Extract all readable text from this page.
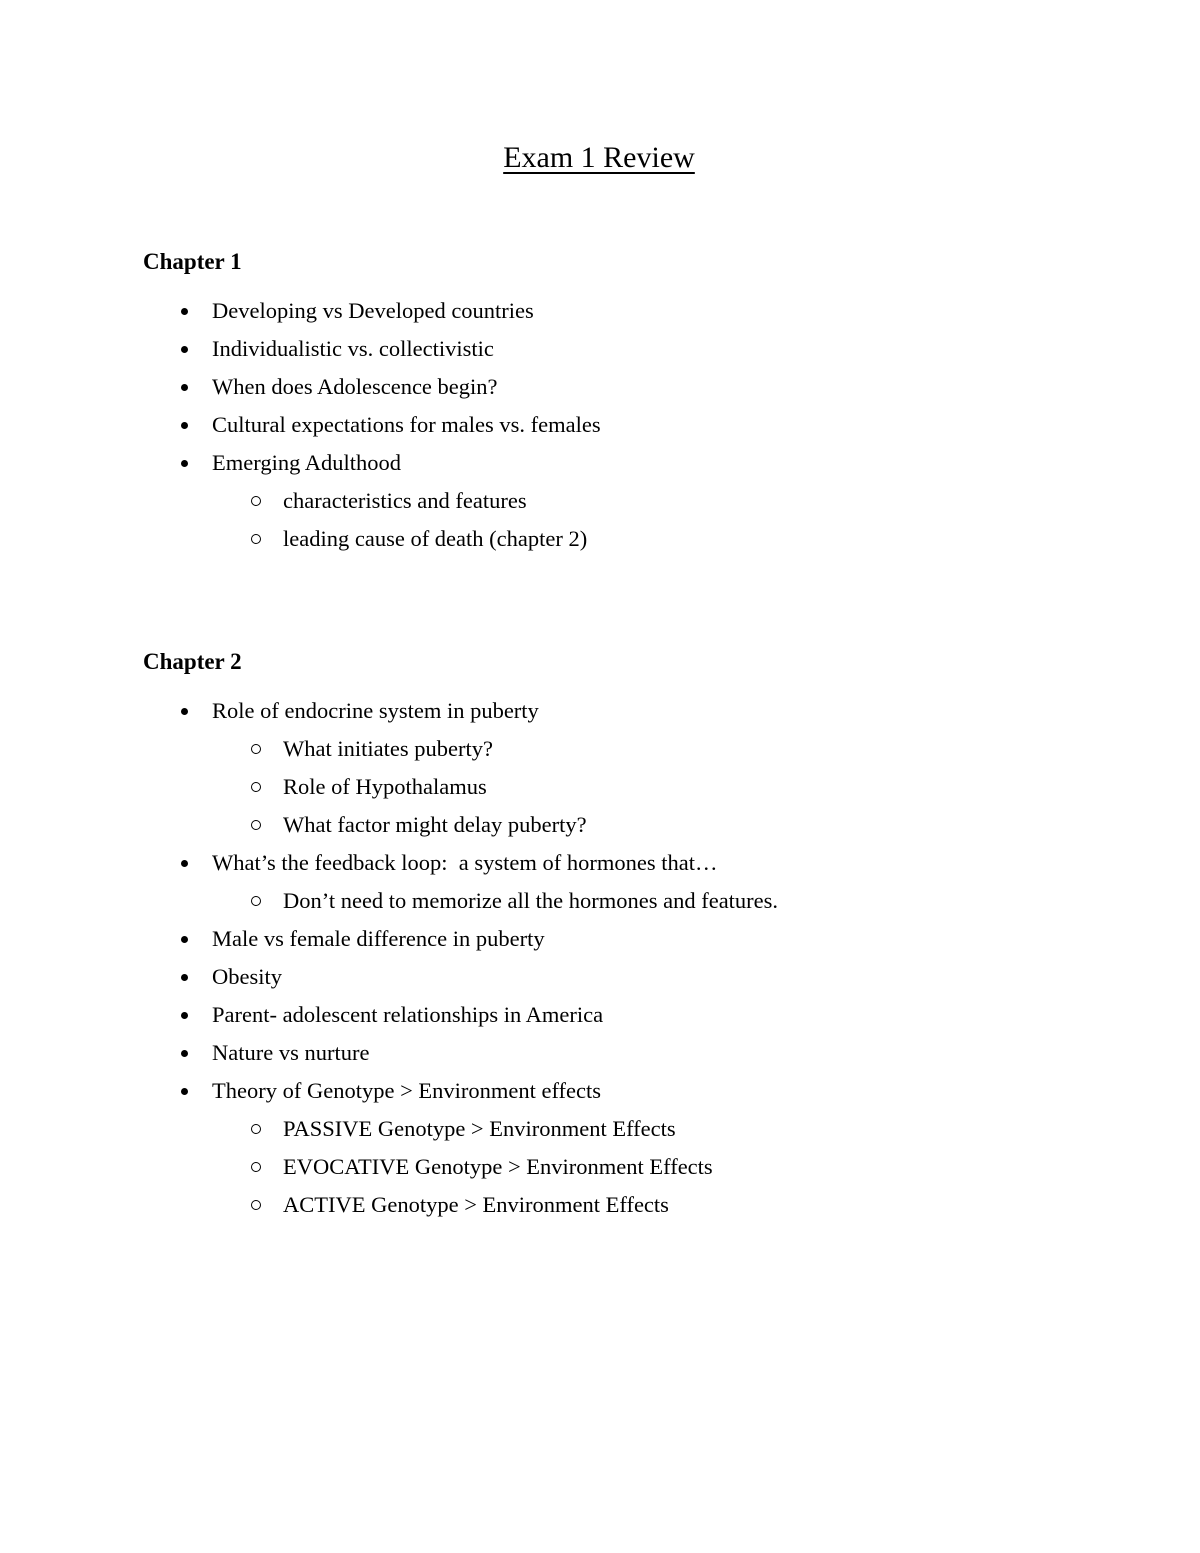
Exam 1 Review
Chapter 1
Developing vs Developed countries
Individualistic vs. collectivistic
When does Adolescence begin?
Cultural expectations for males vs. females
Emerging Adulthood
characteristics and features
leading cause of death (chapter 2)
Chapter 2
Role of endocrine system in puberty
What initiates puberty?
Role of Hypothalamus
What factor might delay puberty?
What’s the feedback loop:  a system of hormones that…
Don’t need to memorize all the hormones and features.
Male vs female difference in puberty
Obesity
Parent- adolescent relationships in America
Nature vs nurture
Theory of Genotype > Environment effects
PASSIVE Genotype > Environment Effects
EVOCATIVE Genotype > Environment Effects
ACTIVE Genotype > Environment Effects
